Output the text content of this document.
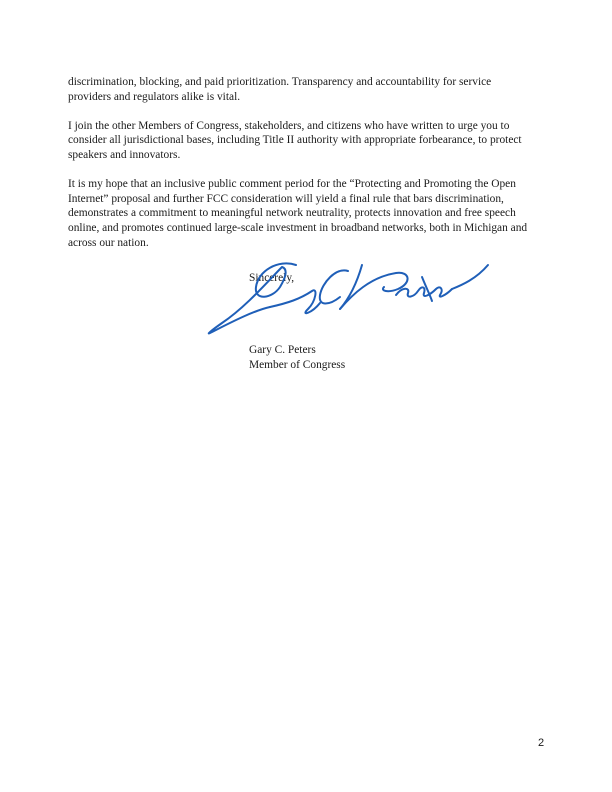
discrimination, blocking, and paid prioritization. Transparency and accountability for service providers and regulators alike is vital.

I join the other Members of Congress, stakeholders, and citizens who have written to urge you to consider all jurisdictional bases, including Title II authority with appropriate forbearance, to protect speakers and innovators.

It is my hope that an inclusive public comment period for the “Protecting and Promoting the Open Internet” proposal and further FCC consideration will yield a final rule that bars discrimination, demonstrates a commitment to meaningful network neutrality, protects innovation and free speech online, and promotes continued large-scale investment in broadband networks, both in Michigan and across our nation.

Sincerely,
Gary C. Peters
Member of Congress
2
